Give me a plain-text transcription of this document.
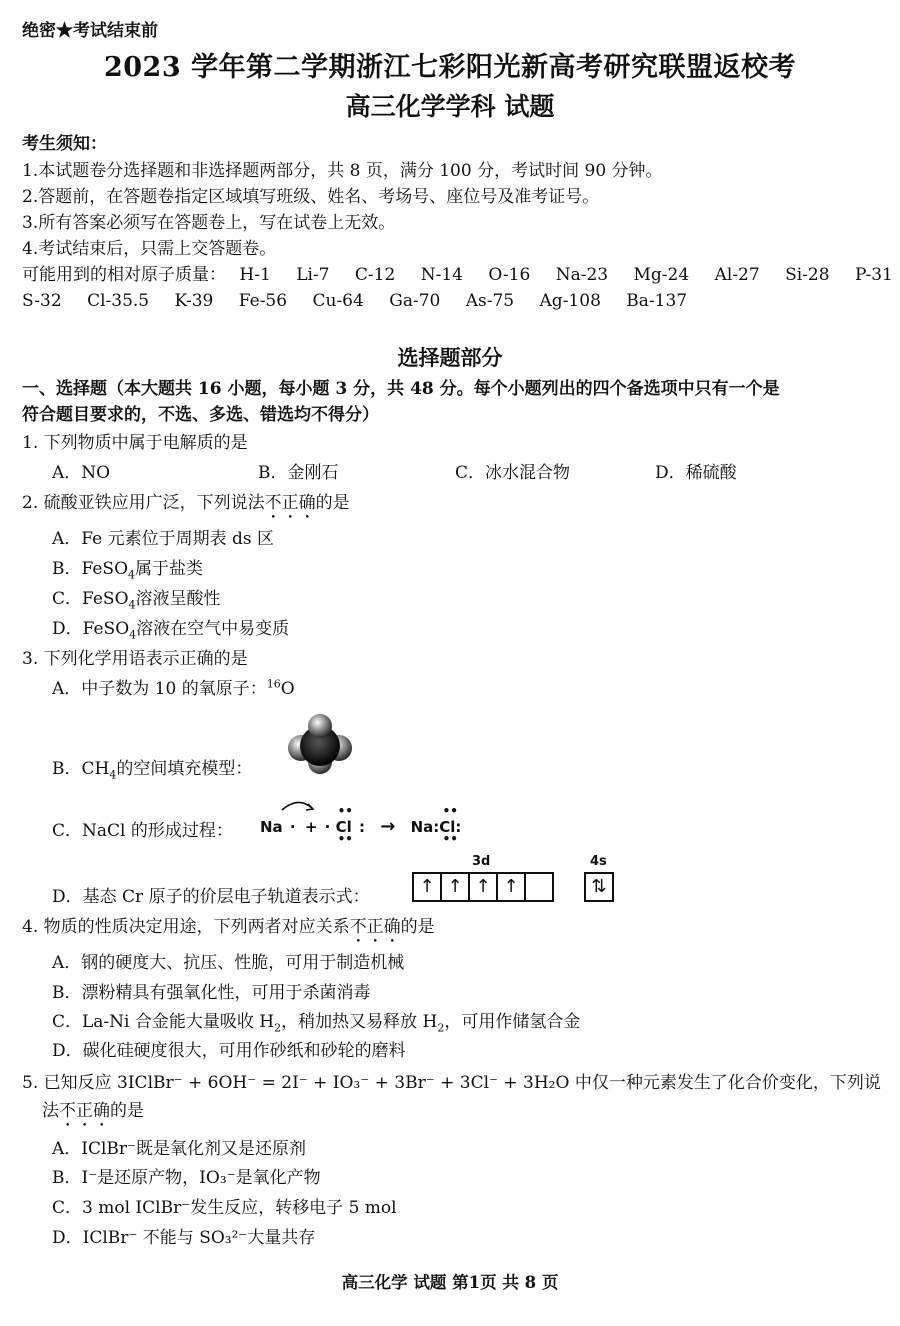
绝密★考试结束前
2023 学年第二学期浙江七彩阳光新高考研究联盟返校考
高三化学学科 试题
考生须知：
1.本试题卷分选择题和非选择题两部分，共 8 页，满分 100 分，考试时间 90 分钟。
2.答题前，在答题卷指定区域填写班级、姓名、考场号、座位号及准考证号。
3.所有答案必须写在答题卷上，写在试卷上无效。
4.考试结束后，只需上交答题卷。
可能用到的相对原子质量： H-1 Li-7 C-12 N-14 O-16 Na-23 Mg-24 Al-27 Si-28 P-31
S-32 Cl-35.5 K-39 Fe-56 Cu-64 Ga-70 As-75 Ag-108 Ba-137
选择题部分
一、选择题（本大题共 16 小题，每小题 3 分，共 48 分。每个小题列出的四个备选项中只有一个是
符合题目要求的，不选、多选、错选均不得分）
1. 下列物质中属于电解质的是
A．NO	B．金刚石	C．冰水混合物	D．稀硫酸
2. 硫酸亚铁应用广泛，下列说法不正确的是
A．Fe 元素位于周期表 ds 区
B．FeSO$_4$属于盐类
C．FeSO$_4$溶液呈酸性
D．FeSO$_4$溶液在空气中易变质
3. 下列化学用语表示正确的是
A．中子数为 10 的氧原子：$^{16}$O
B．$CH_4$的空间填充模型：
C．NaCl 的形成过程： Na · + ·
••
Cl
••
: →
••
Na:Cl:
••
3d	4s
D．基态 Cr 原子的价层电子轨道表示式：	↑ ↑ ↑ ↑	⇅
4. 物质的性质决定用途，下列两者对应关系不正确的是
A．钢的硬度大、抗压、性脆，可用于制造机械
B．漂粉精具有强氧化性，可用于杀菌消毒
C．La-Ni 合金能大量吸收 $H_2$，稍加热又易释放 $H_2$，可用作储氢合金
D．碳化硅硬度很大，可用作砂纸和砂轮的磨料
5. 已知反应 3IClBr⁻ + 6OH⁻ = 2I⁻ + IO₃⁻ + 3Br⁻ + 3Cl⁻ + 3H₂O 中仅一种元素发生了化合价变化，下列说
法不正确的是
A．IClBr⁻既是氧化剂又是还原剂
B．I⁻是还原产物，IO₃⁻是氧化产物
C．3 mol IClBr⁻发生反应，转移电子 5 mol
D．IClBr⁻ 不能与 SO₃²⁻大量共存
高三化学 试题 第1页 共 8 页
